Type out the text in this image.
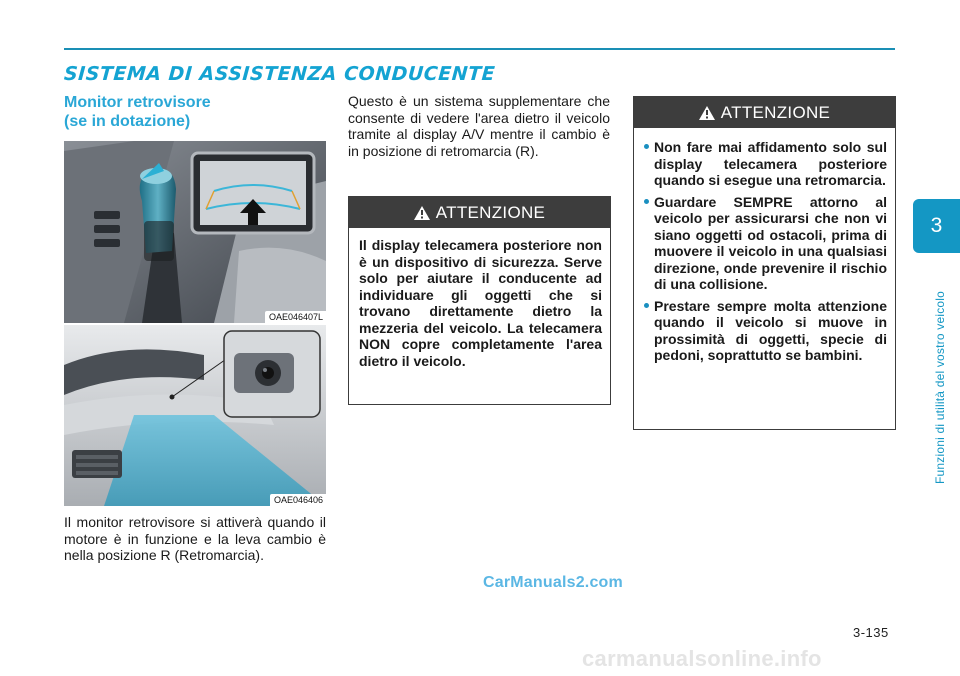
SISTEMA DI ASSISTENZA CONDUCENTE
Monitor retrovisore
(se in dotazione)
OAE046407L
OAE046406

Il monitor retrovisore si attiverà quando il motore è in funzione e la leva cambio è nella posizione R (Retromarcia).

Questo è un sistema supplementare che consente di vedere l'area dietro il veicolo tramite al display A/V mentre il cambio è in posizione di retromarcia (R).

ATTENZIONE
Il display telecamera posteriore non è un dispositivo di sicurezza. Serve solo per aiutare il conducente ad individuare gli oggetti che si trovano direttamente dietro la mezzeria del veicolo. La telecamera NON copre completamente l'area dietro il veicolo.
ATTENZIONE
Non fare mai affidamento solo sul display telecamera posteriore quando si esegue una retromarcia.
Guardare SEMPRE attorno al veicolo per assicurarsi che non vi siano oggetti od ostacoli, prima di muovere il veicolo in una qualsiasi direzione, onde prevenire il rischio di una collisione.
Prestare sempre molta attenzione quando il veicolo si muove in prossimità di oggetti, specie di pedoni, soprattutto se bambini.
3
Funzioni di utilità del vostro veicolo
CarManuals2.com
3-135
carmanualsonline.info
